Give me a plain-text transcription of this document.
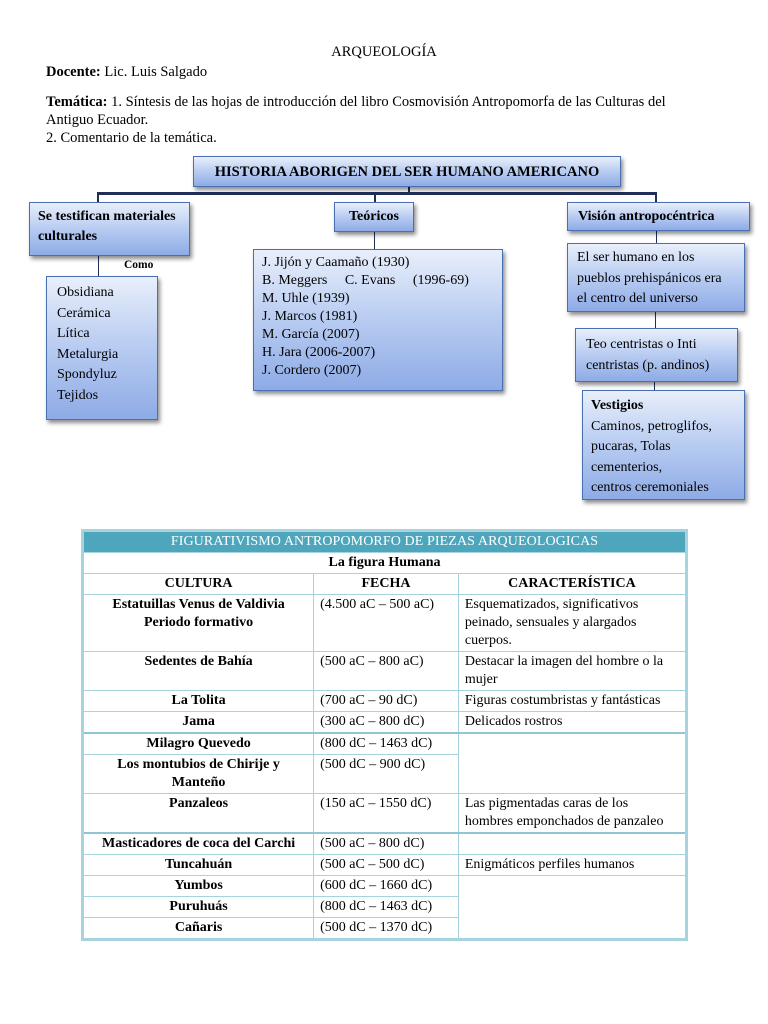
ARQUEOLOGÍA
Docente: Lic. Luis Salgado
Temática: 1. Síntesis de las hojas de introducción del libro Cosmovisión Antropomorfa de las Culturas del
Antiguo Ecuador.
2. Comentario de la temática.
HISTORIA ABORIGEN DEL SER HUMANO AMERICANO
Se testifican materiales culturales
Como
Obsidiana
Cerámica
Lítica
Metalurgia
Spondyluz
Tejidos
Teóricos
J. Jijón y Caamaño (1930)
B. Meggers     C. Evans     (1996-69)
M. Uhle (1939)
J. Marcos (1981)
M. García (2007)
H. Jara (2006-2007)
J. Cordero (2007)
Visión antropocéntrica
El ser humano en los pueblos prehispánicos era el centro del universo
Teo centristas o Inti centristas (p. andinos)
Vestigios
Caminos, petroglifos,
pucaras, Tolas
cementerios,
centros ceremoniales
FIGURATIVISMO ANTROPOMORFO DE PIEZAS ARQUEOLOGICAS		
La figura Humana		
CULTURA	FECHA	CARACTERÍSTICA
Estatuillas Venus de Valdivia Periodo formativo	(4.500 aC – 500 aC)	Esquematizados, significativos peinado, sensuales y alargados cuerpos.
Sedentes de Bahía	(500 aC – 800 aC)	Destacar la imagen del hombre o la mujer
La Tolita	(700 aC – 90 dC)	Figuras costumbristas y fantásticas
Jama	(300 aC – 800 dC)	Delicados rostros
Milagro Quevedo	(800 dC – 1463 dC)	
Los montubios de Chirije y Manteño	(500 dC – 900 dC)	
Panzaleos	(150 aC – 1550 dC)	Las pigmentadas caras de los hombres emponchados de panzaleo
Masticadores de coca del Carchi	(500 aC – 800 dC)	
Tuncahuán	(500 aC – 500 dC)	Enigmáticos perfiles humanos
Yumbos	(600 dC – 1660 dC)	
Puruhuás	(800 dC – 1463 dC)	
Cañaris	(500 dC – 1370 dC)	
